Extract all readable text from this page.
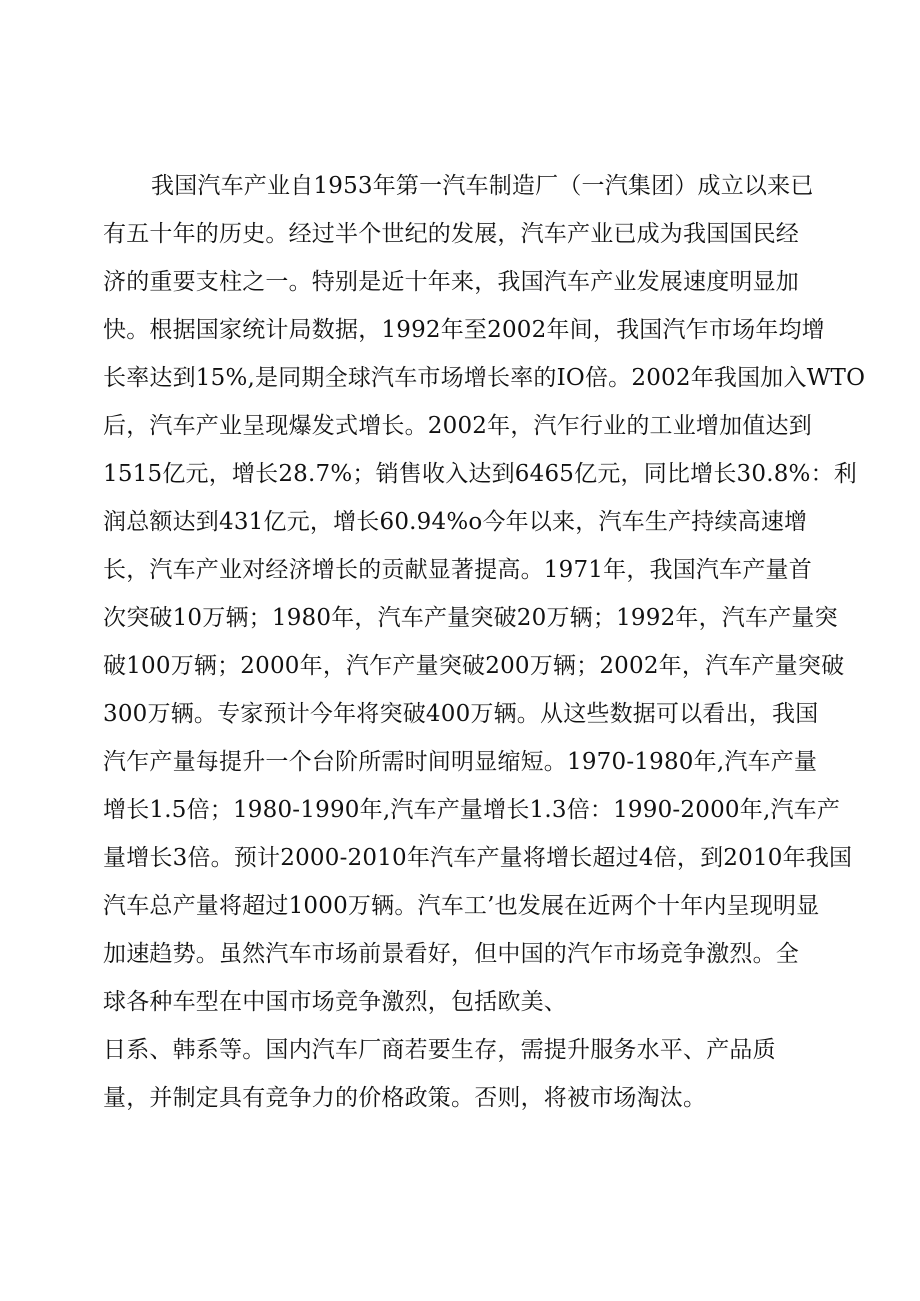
我国汽车产业自1953年第一汽车制造厂（一汽集团）成立以来已

有五十年的历史。经过半个世纪的发展，汽车产业已成为我国国民经

济的重要支柱之一。特别是近十年来，我国汽车产业发展速度明显加

快。根据国家统计局数据，1992年至2002年间，我国汽乍市场年均增

长率达到15%,是同期全球汽车市场增长率的IO倍。2002年我国加入WTO

后，汽车产业呈现爆发式增长。2002年，汽乍行业的工业增加值达到

1515亿元，增长28.7%；销售收入达到6465亿元，同比增长30.8%：利

润总额达到431亿元，增长60.94%o今年以来，汽车生产持续高速增

长，汽车产业对经济增长的贡献显著提高。1971年，我国汽车产量首

次突破10万辆；1980年，汽车产量突破20万辆；1992年，汽车产量突

破100万辆；2000年，汽乍产量突破200万辆；2002年，汽车产量突破

300万辆。专家预计今年将突破400万辆。从这些数据可以看出，我国

汽乍产量每提升一个台阶所需时间明显缩短。1970-1980年,汽车产量

增长1.5倍；1980-1990年,汽车产量增长1.3倍：1990-2000年,汽车产

量增长3倍。预计2000-2010年汽车产量将增长超过4倍，到2010年我国

汽车总产量将超过1000万辆。汽车工’也发展在近两个十年内呈现明显

加速趋势。虽然汽车市场前景看好，但中国的汽乍市场竞争激烈。全

球各种车型在中国市场竞争激烈，包括欧美、

日系、韩系等。国内汽车厂商若要生存，需提升服务水平、产品质

量，并制定具有竞争力的价格政策。否则，将被市场淘汰。
